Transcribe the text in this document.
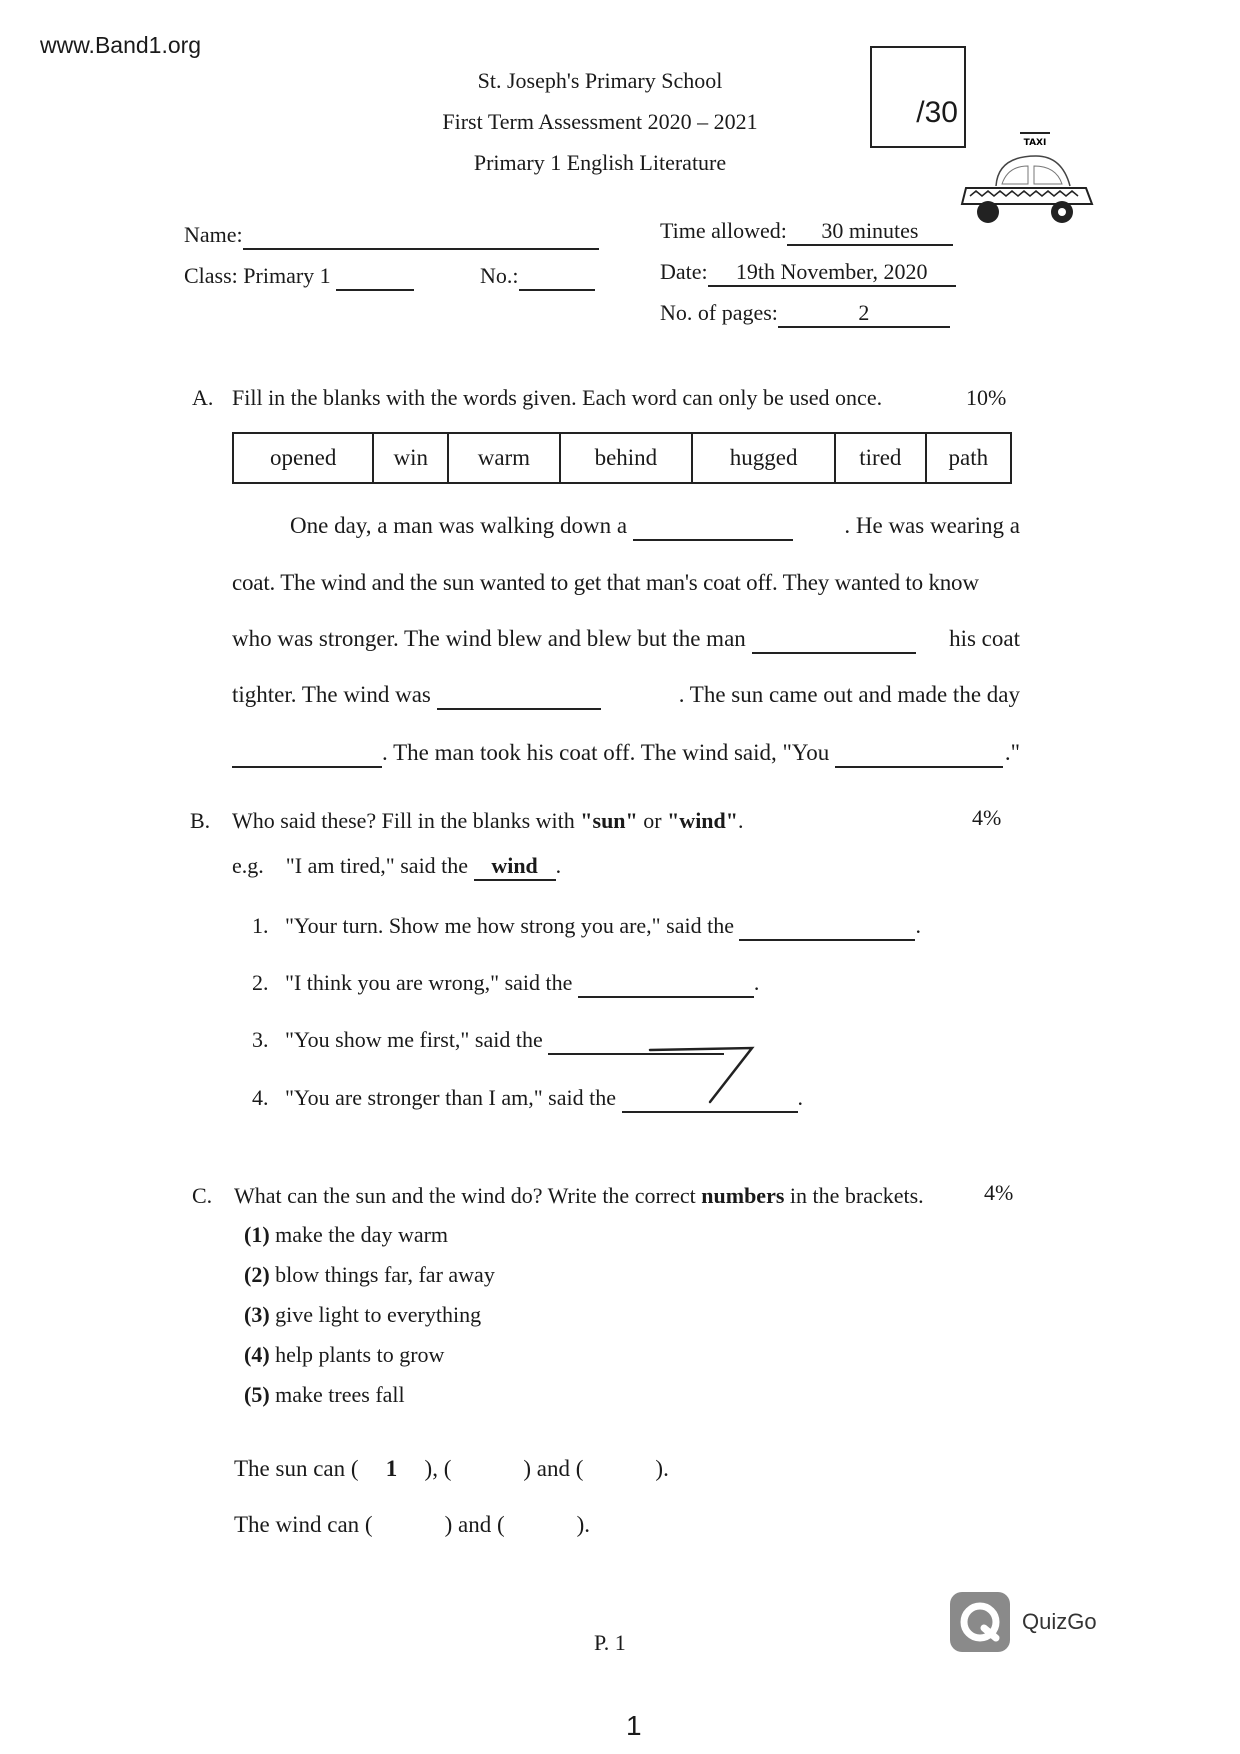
www.Band1.org
St. Joseph's Primary School
First Term Assessment 2020 – 2021
Primary 1 English Literature
/30
TAXI
Name:
Class: Primary 1	No.:
Time allowed: 30 minutes
Date: 19th November, 2020
No. of pages:	2
A. Fill in the blanks with the words given. Each word can only be used once.	10%
opened	win	warm	behind	hugged	tired	path
One day, a man was walking down a	. He was wearing a
coat. The wind and the sun wanted to get that man's coat off. They wanted to know
who was stronger. The wind blew and blew but the man	his coat
tighter. The wind was	. The sun came out and made the day
. The man took his coat off. The wind said, "You	."
B. Who said these? Fill in the blanks with "sun" or "wind".	4%
e.g. "I am tired," said the wind .
1. "Your turn. Show me how strong you are," said the	.
2. "I think you are wrong," said the	.
3. "You show me first," said the
4. "You are stronger than I am," said the	.
C. What can the sun and the wind do? Write the correct numbers in the brackets.	4%
(1) make the day warm
(2) blow things far, far away
(3) give light to everything
(4) help plants to grow
(5) make trees fall
The sun can ( 1 ), (	) and (	).
The wind can (	) and (	).
P. 1
QuizGo
1
